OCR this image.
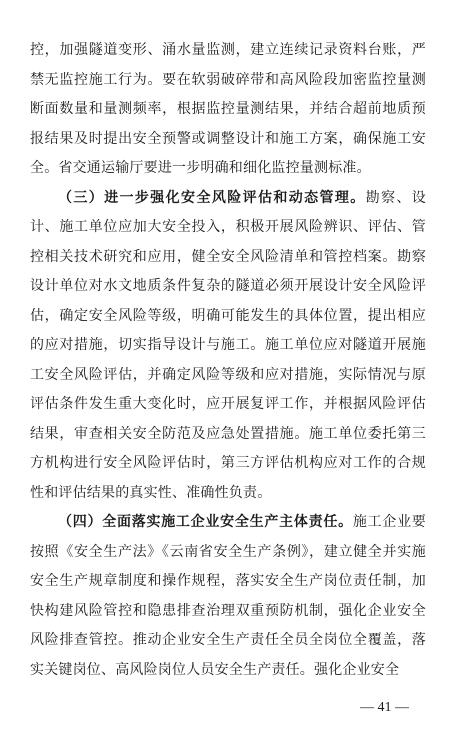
控，加强隧道变形、涌水量监测，建立连续记录资料台账，严禁无监控施工行为。要在软弱破碎带和高风险段加密监控量测断面数量和量测频率，根据监控量测结果，并结合超前地质预报结果及时提出安全预警或调整设计和施工方案，确保施工安全。省交通运输厅要进一步明确和细化监控量测标准。

（三）进一步强化安全风险评估和动态管理。勘察、设计、施工单位应加大安全投入，积极开展风险辨识、评估、管控相关技术研究和应用，健全安全风险清单和管控档案。勘察设计单位对水文地质条件复杂的隧道必须开展设计安全风险评估，确定安全风险等级，明确可能发生的具体位置，提出相应的应对措施，切实指导设计与施工。施工单位应对隧道开展施工安全风险评估，并确定风险等级和应对措施，实际情况与原评估条件发生重大变化时，应开展复评工作，并根据风险评估结果，审查相关安全防范及应急处置措施。施工单位委托第三方机构进行安全风险评估时，第三方评估机构应对工作的合规性和评估结果的真实性、准确性负责。

（四）全面落实施工企业安全生产主体责任。施工企业要按照《安全生产法》《云南省安全生产条例》，建立健全并实施安全生产规章制度和操作规程，落实安全生产岗位责任制，加快构建风险管控和隐患排查治理双重预防机制，强化企业安全风险排查管控。推动企业安全生产责任全员全岗位全覆盖，落实关键岗位、高风险岗位人员安全生产责任。强化企业安全

— 41 —
